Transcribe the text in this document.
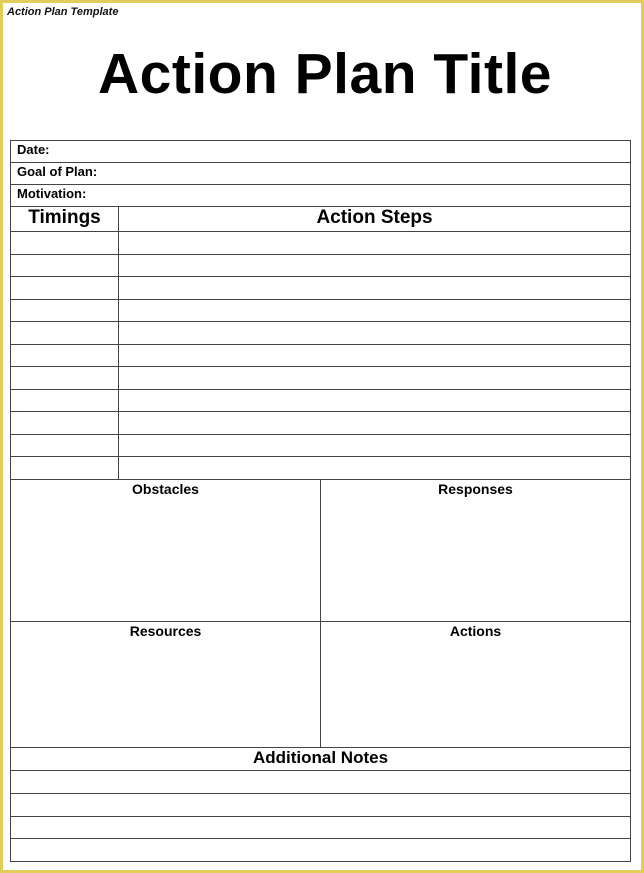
Action Plan Template
Action Plan Title
Date:
Goal of Plan:
Motivation:
Timings	Action Steps
Obstacles	Responses
Resources	Actions
Additional Notes
